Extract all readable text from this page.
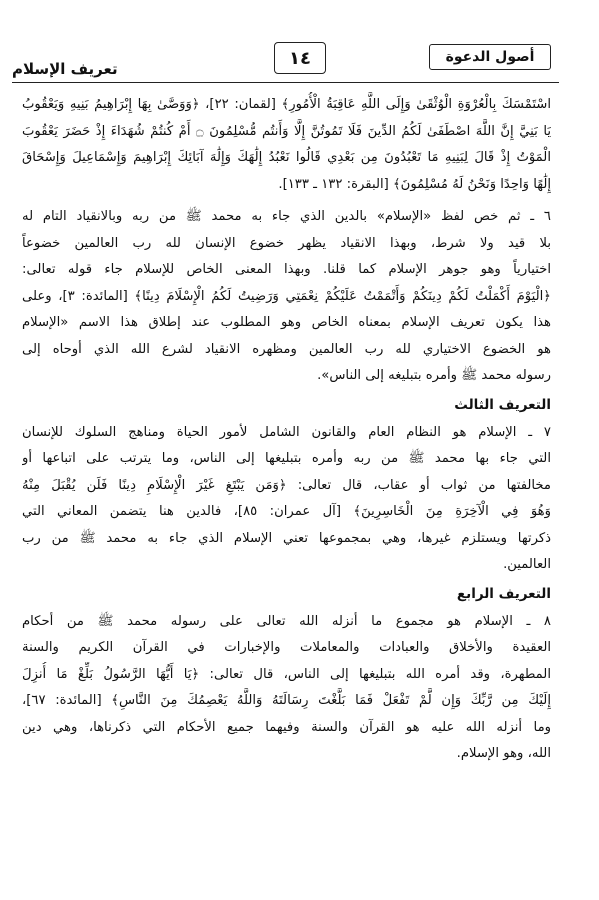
تعريف الإسلام
١٤	أصول الدعوة
اسْتَمْسَكَ بِالْعُرْوَةِ الْوُثْقَىٰ وَإِلَى اللَّهِ عَاقِبَةُ الْأُمُورِ﴾ [لقمان: ٢٢]، ﴿وَوَصَّىٰ بِهَا إِبْرَاهِيمُ بَنِيهِ وَيَعْقُوبُ
يَا بَنِيَّ إِنَّ اللَّهَ اصْطَفَىٰ لَكُمُ الدِّينَ فَلَا تَمُوتُنَّ إِلَّا وَأَنتُم مُّسْلِمُونَ ۝ أَمْ كُنتُمْ شُهَدَاءَ إِذْ حَضَرَ يَعْقُوبَ
الْمَوْتُ إِذْ قَالَ لِبَنِيهِ مَا تَعْبُدُونَ مِن بَعْدِي قَالُوا نَعْبُدُ إِلَٰهَكَ وَإِلَٰهَ آبَائِكَ إِبْرَاهِيمَ وَإِسْمَاعِيلَ وَإِسْحَاقَ
إِلَٰهًا وَاحِدًا وَنَحْنُ لَهُ مُسْلِمُونَ﴾ [البقرة: ١٣٢ ـ ١٣٣].
٦ ـ ثم خص لفظ «الإسلام» بالدين الذي جاء به محمد ﷺ من ربه وبالانقياد التام له
بلا قيد ولا شرط، وبهذا الانقياد يظهر خضوع الإنسان لله رب العالمين خضوعاً
اختيارياً وهو جوهر الإسلام كما قلنا. وبهذا المعنى الخاص للإسلام جاء قوله تعالى:
﴿الْيَوْمَ أَكْمَلْتُ لَكُمْ دِينَكُمْ وَأَتْمَمْتُ عَلَيْكُمْ نِعْمَتِي وَرَضِيتُ لَكُمُ الْإِسْلَامَ دِينًا﴾ [المائدة: ٣]، وعلى
هذا يكون تعريف الإسلام بمعناه الخاص وهو المطلوب عند إطلاق هذا الاسم «الإسلام
هو الخضوع الاختياري لله رب العالمين ومظهره الانقياد لشرع الله الذي أوحاه إلى
رسوله محمد ﷺ وأمره بتبليغه إلى الناس».
التعريف الثالث
٧ ـ الإسلام هو النظام العام والقانون الشامل لأمور الحياة ومناهج السلوك للإنسان
التي جاء بها محمد ﷺ من ربه وأمره بتبليغها إلى الناس، وما يترتب على اتباعها أو
مخالفتها من ثواب أو عقاب، قال تعالى: ﴿وَمَن يَبْتَغِ غَيْرَ الْإِسْلَامِ دِينًا فَلَن يُقْبَلَ مِنْهُ
وَهُوَ فِي الْآخِرَةِ مِنَ الْخَاسِرِينَ﴾ [آل عمران: ٨٥]، فالدين هنا يتضمن المعاني التي
ذكرتها ويستلزم غيرها، وهي بمجموعها تعني الإسلام الذي جاء به محمد ﷺ من رب
العالمين.
التعريف الرابع
٨ ـ الإسلام هو مجموع ما أنزله الله تعالى على رسوله محمد ﷺ من أحكام
العقيدة والأخلاق والعبادات والمعاملات والإخبارات في القرآن الكريم والسنة
المطهرة، وقد أمره الله بتبليغها إلى الناس، قال تعالى: ﴿يَا أَيُّهَا الرَّسُولُ بَلِّغْ مَا أُنزِلَ
إِلَيْكَ مِن رَّبِّكَ وَإِن لَّمْ تَفْعَلْ فَمَا بَلَّغْتَ رِسَالَتَهُ وَاللَّهُ يَعْصِمُكَ مِنَ النَّاسِ﴾ [المائدة: ٦٧]،
وما أنزله الله عليه هو القرآن والسنة وفيهما جميع الأحكام التي ذكرناها، وهي دين
الله، وهو الإسلام.
